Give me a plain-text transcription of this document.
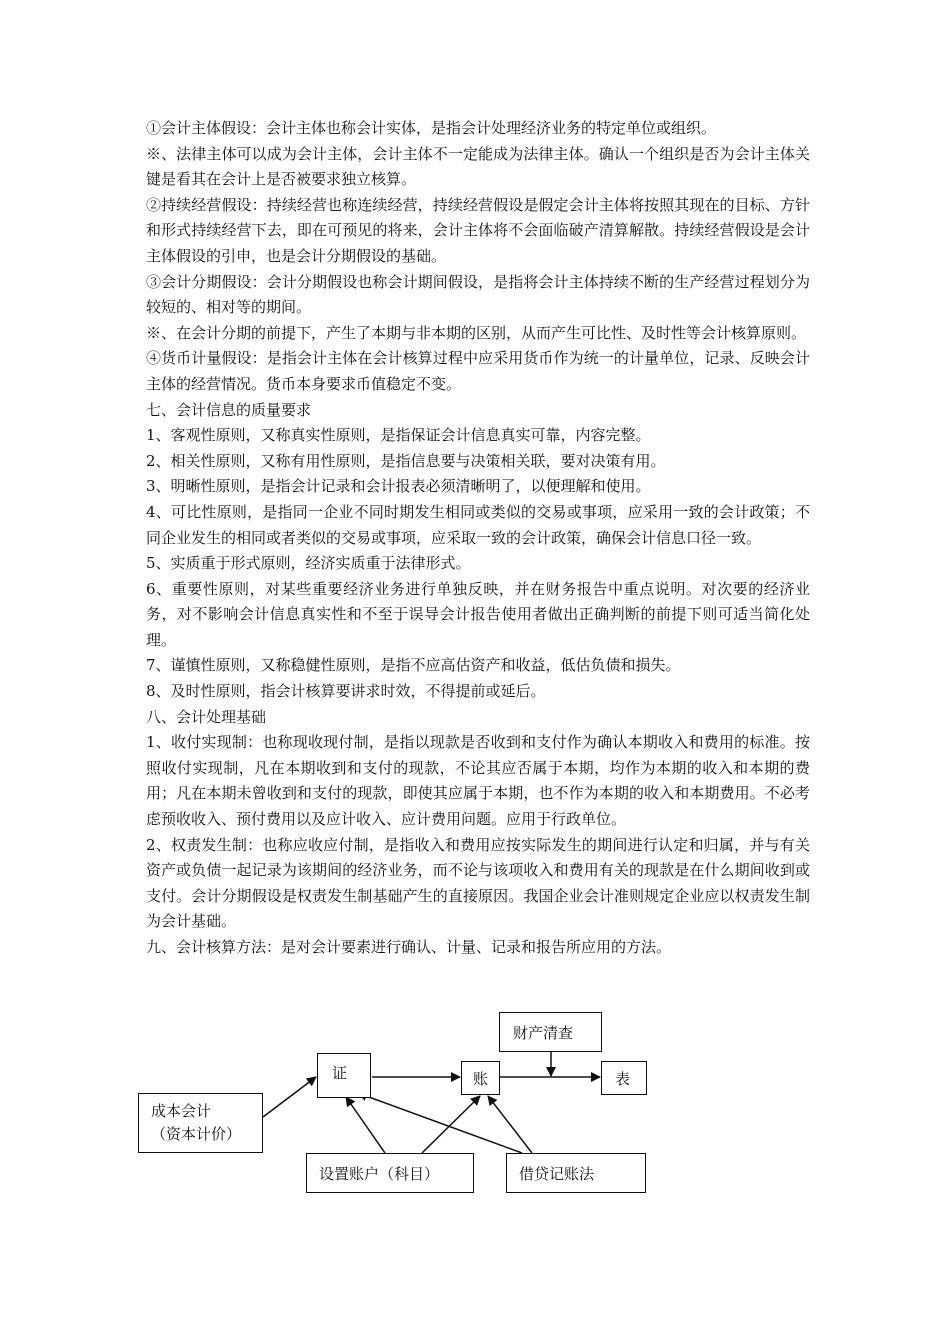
①会计主体假设：会计主体也称会计实体，是指会计处理经济业务的特定单位或组织。

※、法律主体可以成为会计主体，会计主体不一定能成为法律主体。确认一个组织是否为会计主体关键是看其在会计上是否被要求独立核算。

②持续经营假设：持续经营也称连续经营，持续经营假设是假定会计主体将按照其现在的目标、方针和形式持续经营下去，即在可预见的将来，会计主体将不会面临破产清算解散。持续经营假设是会计主体假设的引申，也是会计分期假设的基础。

③会计分期假设：会计分期假设也称会计期间假设，是指将会计主体持续不断的生产经营过程划分为较短的、相对等的期间。

※、在会计分期的前提下，产生了本期与非本期的区别，从而产生可比性、及时性等会计核算原则。

④货币计量假设：是指会计主体在会计核算过程中应采用货币作为统一的计量单位，记录、反映会计主体的经营情况。货币本身要求币值稳定不变。

七、会计信息的质量要求

1、客观性原则，又称真实性原则，是指保证会计信息真实可靠，内容完整。

2、相关性原则，又称有用性原则，是指信息要与决策相关联，要对决策有用。

3、明晰性原则，是指会计记录和会计报表必须清晰明了，以便理解和使用。

4、可比性原则，是指同一企业不同时期发生相同或类似的交易或事项，应采用一致的会计政策；不同企业发生的相同或者类似的交易或事项，应采取一致的会计政策，确保会计信息口径一致。

5、实质重于形式原则，经济实质重于法律形式。

6、重要性原则，对某些重要经济业务进行单独反映，并在财务报告中重点说明。对次要的经济业务，对不影响会计信息真实性和不至于误导会计报告使用者做出正确判断的前提下则可适当简化处理。

7、谨慎性原则，又称稳健性原则，是指不应高估资产和收益，低估负债和损失。

8、及时性原则，指会计核算要讲求时效，不得提前或延后。

八、会计处理基础

1、收付实现制：也称现收现付制，是指以现款是否收到和支付作为确认本期收入和费用的标准。按照收付实现制，凡在本期收到和支付的现款，不论其应否属于本期，均作为本期的收入和本期的费用；凡在本期未曾收到和支付的现款，即使其应属于本期，也不作为本期的收入和本期费用。不必考虑预收收入、预付费用以及应计收入、应计费用问题。应用于行政单位。

2、权责发生制：也称应收应付制，是指收入和费用应按实际发生的期间进行认定和归属，并与有关资产或负债一起记录为该期间的经济业务，而不论与该项收入和费用有关的现款是在什么期间收到或支付。会计分期假设是权责发生制基础产生的直接原因。我国企业会计准则规定企业应以权责发生制为会计基础。

九、会计核算方法：是对会计要素进行确认、计量、记录和报告所应用的方法。

财产清查
证	账	表
成本会计
（资本计价）
设置账户（科目）	借贷记账法
